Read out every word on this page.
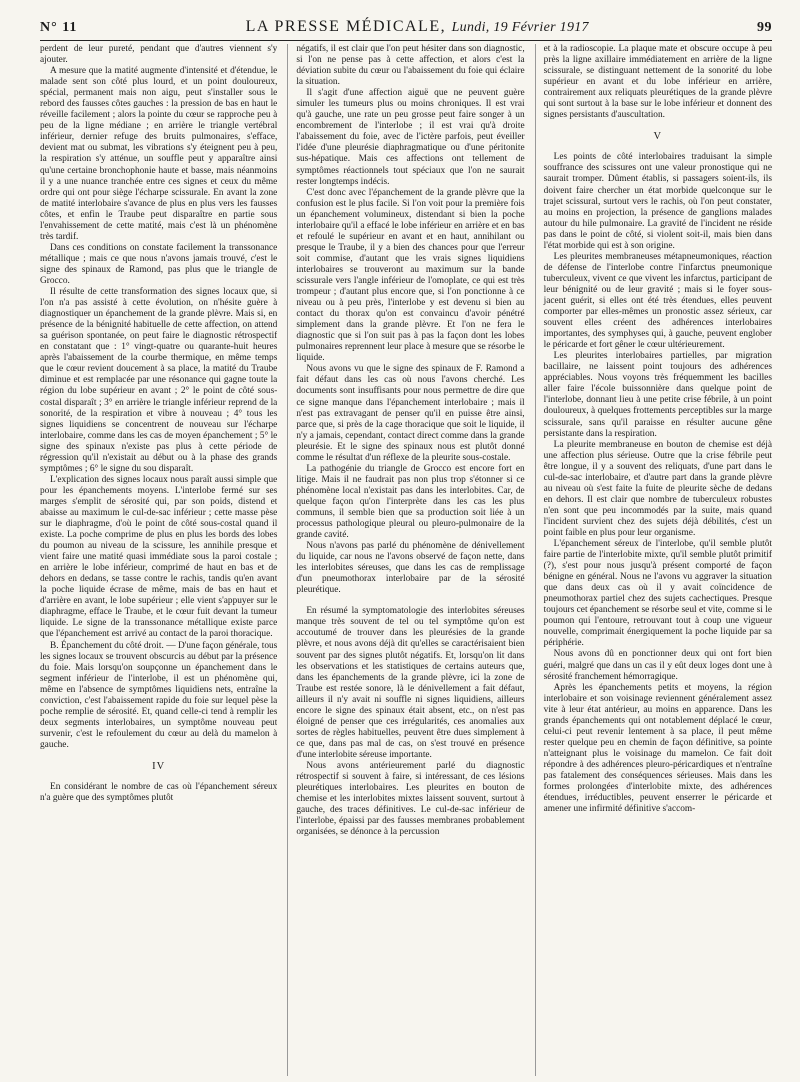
N° 11	LA PRESSE MÉDICALE, Lundi, 19 Février 1917	99

perdent de leur pureté, pendant que d'autres viennent s'y ajouter.

A mesure que la matité augmente d'intensité et d'étendue, le malade sent son côté plus lourd, et un point douloureux, spécial, permanent mais non aigu, peut s'installer sous le rebord des fausses côtes gauches : la pression de bas en haut le réveille facilement ; alors la pointe du cœur se rapproche peu à peu de la ligne médiane ; en arrière le triangle vertébral inférieur, dernier refuge des bruits pulmonaires, s'efface, devient mat ou submat, les vibrations s'y éteignent peu à peu, la respiration s'y atténue, un souffle peut y apparaître ainsi qu'une certaine bronchophonie haute et basse, mais néanmoins il y a une nuance tranchée entre ces signes et ceux du même ordre qui ont pour siège l'écharpe scissurale. En avant la zone de matité interlobaire s'avance de plus en plus vers les fausses côtes, et enfin le Traube peut disparaître en partie sous l'envahissement de cette matité, mais c'est là un phénomène très tardif.

Dans ces conditions on constate facilement la transsonance métallique ; mais ce que nous n'avons jamais trouvé, c'est le signe des spinaux de Ramond, pas plus que le triangle de Grocco.

Il résulte de cette transformation des signes locaux que, si l'on n'a pas assisté à cette évolution, on n'hésite guère à diagnostiquer un épanchement de la grande plèvre. Mais si, en présence de la bénignité habituelle de cette affection, on attend sa guérison spontanée, on peut faire le diagnostic rétrospectif en constatant que : 1° vingt-quatre ou quarante-huit heures après l'abaissement de la courbe thermique, en même temps que le cœur revient doucement à sa place, la matité du Traube diminue et est remplacée par une résonance qui gagne toute la région du lobe supérieur en avant ; 2° le point de côté sous-costal disparaît ; 3° en arrière le triangle inférieur reprend de la sonorité, de la respiration et vibre à nouveau ; 4° tous les signes liquidiens se concentrent de nouveau sur l'écharpe interlobaire, comme dans les cas de moyen épanchement ; 5° le signe des spinaux n'existe pas plus à cette période de régression qu'il n'existait au début ou à la phase des grands symptômes ; 6° le signe du sou disparaît.

L'explication des signes locaux nous paraît aussi simple que pour les épanchements moyens. L'interlobe fermé sur ses marges s'emplit de sérosité qui, par son poids, distend et abaisse au maximum le cul-de-sac inférieur ; cette masse pèse sur le diaphragme, d'où le point de côté sous-costal quand il existe. La poche comprime de plus en plus les bords des lobes du poumon au niveau de la scissure, les annihile presque et vient faire une matité quasi immédiate sous la paroi costale ; en arrière le lobe inférieur, comprimé de haut en bas et de dehors en dedans, se tasse contre le rachis, tandis qu'en avant la poche liquide écrase de même, mais de bas en haut et d'arrière en avant, le lobe supérieur ; elle vient s'appuyer sur le diaphragme, efface le Traube, et le cœur fuit devant la tumeur liquide. Le signe de la transsonance métallique existe parce que l'épanchement est arrivé au contact de la paroi thoracique.

B. Épanchement du côté droit. — D'une façon générale, tous les signes locaux se trouvent obscurcis au début par la présence du foie. Mais lorsqu'on soupçonne un épanchement dans le segment inférieur de l'interlobe, il est un phénomène qui, même en l'absence de symptômes liquidiens nets, entraîne la conviction, c'est l'abaissement rapide du foie sur lequel pèse la poche remplie de sérosité. Et, quand celle-ci tend à remplir les deux segments interlobaires, un symptôme nouveau peut survenir, c'est le refoulement du cœur au delà du mamelon à gauche.

IV

En considérant le nombre de cas où l'épanchement séreux n'a guère que des symptômes plutôt

négatifs, il est clair que l'on peut hésiter dans son diagnostic, si l'on ne pense pas à cette affection, et alors c'est la déviation subite du cœur ou l'abaissement du foie qui éclaire la situation.

Il s'agit d'une affection aiguë que ne peuvent guère simuler les tumeurs plus ou moins chroniques. Il est vrai qu'à gauche, une rate un peu grosse peut faire songer à un encombrement de l'interlobe ; il est vrai qu'à droite l'abaissement du foie, avec de l'ictère parfois, peut éveiller l'idée d'une pleurésie diaphragmatique ou d'une péritonite sus-hépatique. Mais ces affections ont tellement de symptômes réactionnels tout spéciaux que l'on ne saurait rester longtemps indécis.

C'est donc avec l'épanchement de la grande plèvre que la confusion est le plus facile. Si l'on voit pour la première fois un épanchement volumineux, distendant si bien la poche interlobaire qu'il a effacé le lobe inférieur en arrière et en bas et refoulé le supérieur en avant et en haut, annihilant ou presque le Traube, il y a bien des chances pour que l'erreur soit commise, d'autant que les vrais signes liquidiens interlobaires se trouveront au maximum sur la bande scissurale vers l'angle inférieur de l'omoplate, ce qui est très trompeur ; d'autant plus encore que, si l'on ponctionne à ce niveau ou à peu près, l'interlobe y est devenu si bien au contact du thorax qu'on est convaincu d'avoir pénétré simplement dans la grande plèvre. Et l'on ne fera le diagnostic que si l'on suit pas à pas la façon dont les lobes pulmonaires reprennent leur place à mesure que se résorbe le liquide.

Nous avons vu que le signe des spinaux de F. Ramond a fait défaut dans les cas où nous l'avons cherché. Les documents sont insuffisants pour nous permettre de dire que ce signe manque dans l'épanchement interlobaire ; mais il n'est pas extravagant de penser qu'il en puisse être ainsi, parce que, si près de la cage thoracique que soit le liquide, il n'y a jamais, cependant, contact direct comme dans la grande pleurésie. Et le signe des spinaux nous est plutôt donné comme le résultat d'un réflexe de la pleurite sous-costale.

La pathogénie du triangle de Grocco est encore fort en litige. Mais il ne faudrait pas non plus trop s'étonner si ce phénomène local n'existait pas dans les interlobites. Car, de quelque façon qu'on l'interprète dans les cas les plus communs, il semble bien que sa production soit liée à un processus pathologique pleural ou pleuro-pulmonaire de la grande cavité.

Nous n'avons pas parlé du phénomène de dénivellement du liquide, car nous ne l'avons observé de façon nette, dans les interlobites séreuses, que dans les cas de remplissage d'un pneumothorax interlobaire par de la sérosité pleurétique.

En résumé la symptomatologie des interlobites séreuses manque très souvent de tel ou tel symptôme qu'on est accoutumé de trouver dans les pleurésies de la grande plèvre, et nous avons déjà dit qu'elles se caractérisaient bien souvent par des signes plutôt négatifs. Et, lorsqu'on lit dans les observations et les statistiques de certains auteurs que, dans les épanchements de la grande plèvre, ici la zone de Traube est restée sonore, là le dénivellement a fait défaut, ailleurs il n'y avait ni souffle ni signes liquidiens, ailleurs encore le signe des spinaux était absent, etc., on n'est pas éloigné de penser que ces irrégularités, ces anomalies aux sortes de règles habituelles, peuvent être dues simplement à ce que, dans pas mal de cas, on s'est trouvé en présence d'une interlobite séreuse importante.

Nous avons antérieurement parlé du diagnostic rétrospectif si souvent à faire, si intéressant, de ces lésions pleurétiques interlobaires. Les pleurites en bouton de chemise et les interlobites mixtes laissent souvent, surtout à gauche, des traces définitives. Le cul-de-sac inférieur de l'interlobe, épaissi par des fausses membranes probablement organisées, se dénonce à la percussion

et à la radioscopie. La plaque mate et obscure occupe à peu près la ligne axillaire immédiatement en arrière de la ligne scissurale, se distinguant nettement de la sonorité du lobe supérieur en avant et du lobe inférieur en arrière, contrairement aux reliquats pleurétiques de la grande plèvre qui sont surtout à la base sur le lobe inférieur et donnent des signes persistants d'auscultation.

V

Les points de côté interlobaires traduisant la simple souffrance des scissures ont une valeur pronostique qui ne saurait tromper. Dûment établis, si passagers soient-ils, ils doivent faire chercher un état morbide quelconque sur le trajet scissural, surtout vers le rachis, où l'on peut constater, au moins en projection, la présence de ganglions malades autour du hile pulmonaire. La gravité de l'incident ne réside pas dans le point de côté, si violent soit-il, mais bien dans l'état morbide qui est à son origine.

Les pleurites membraneuses métapneumoniques, réaction de défense de l'interlobe contre l'infarctus pneumonique tuberculeux, vivent ce que vivent les infarctus, participant de leur bénignité ou de leur gravité ; mais si le foyer sous-jacent guérit, si elles ont été très étendues, elles peuvent comporter par elles-mêmes un pronostic assez sérieux, car souvent elles créent des adhérences interlobaires importantes, des symphyses qui, à gauche, peuvent englober le péricarde et fort gêner le cœur ultérieurement.

Les pleurites interlobaires partielles, par migration bacillaire, ne laissent point toujours des adhérences appréciables. Nous voyons très fréquemment les bacilles aller faire l'école buissonnière dans quelque point de l'interlobe, donnant lieu à une petite crise fébrile, à un point douloureux, à quelques frottements perceptibles sur la marge scissurale, sans qu'il paraisse en résulter aucune gêne persistante dans la respiration.

La pleurite membraneuse en bouton de chemise est déjà une affection plus sérieuse. Outre que la crise fébrile peut être longue, il y a souvent des reliquats, d'une part dans le cul-de-sac interlobaire, et d'autre part dans la grande plèvre au niveau où s'est faite la fuite de pleurite sèche de dedans en dehors. Il est clair que nombre de tuberculeux robustes n'en sont que peu incommodés par la suite, mais quand l'incident survient chez des sujets déjà débilités, c'est un point faible en plus pour leur organisme.

L'épanchement séreux de l'interlobe, qu'il semble plutôt faire partie de l'interlobite mixte, qu'il semble plutôt primitif (?), s'est pour nous jusqu'à présent comporté de façon bénigne en général. Nous ne l'avons vu aggraver la situation que dans deux cas où il y avait coïncidence de pneumothorax partiel chez des sujets cachectiques. Presque toujours cet épanchement se résorbe seul et vite, comme si le poumon qui l'entoure, retrouvant tout à coup une vigueur nouvelle, comprimait énergiquement la poche liquide par sa périphérie.

Nous avons dû en ponctionner deux qui ont fort bien guéri, malgré que dans un cas il y eût deux loges dont une à sérosité franchement hémorragique.

Après les épanchements petits et moyens, la région interlobaire et son voisinage reviennent généralement assez vite à leur état antérieur, au moins en apparence. Dans les grands épanchements qui ont notablement déplacé le cœur, celui-ci peut revenir lentement à sa place, il peut même rester quelque peu en chemin de façon définitive, sa pointe n'atteignant plus le voisinage du mamelon. Ce fait doit répondre à des adhérences pleuro-péricardiques et n'entraîne pas fatalement des conséquences sérieuses. Mais dans les formes prolongées d'interlobite mixte, des adhérences étendues, irréductibles, peuvent enserrer le péricarde et amener une infirmité définitive s'accom-
